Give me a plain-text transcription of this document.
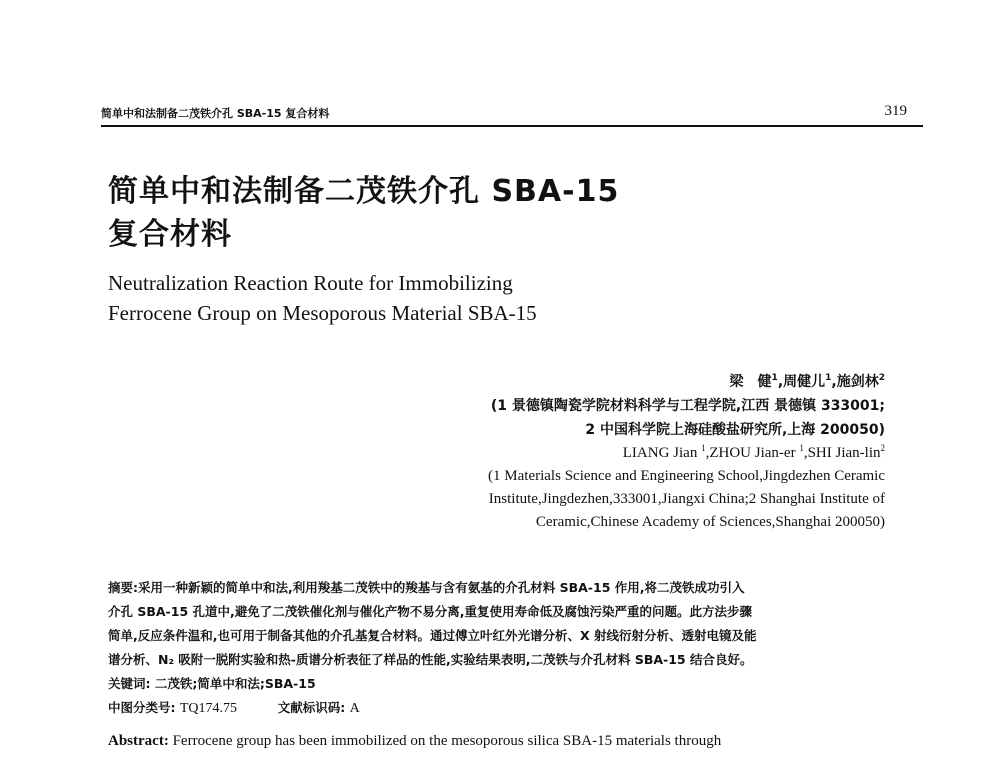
简单中和法制备二茂铁介孔 SBA-15 复合材料	319
简单中和法制备二茂铁介孔 SBA-15
复合材料
Neutralization Reaction Route for Immobilizing
Ferrocene Group on Mesoporous Material SBA-15
梁　健$^1$,周健儿$^1$,施剑林$^2$
(1 景德镇陶瓷学院材料科学与工程学院,江西 景德镇 333001;
2 中国科学院上海硅酸盐研究所,上海 200050)
LIANG Jian $^1$,ZHOU Jian-er $^1$,SHI Jian-lin$^2$
(1 Materials Science and Engineering School,Jingdezhen Ceramic
Institute,Jingdezhen,333001,Jiangxi China;2 Shanghai Institute of
Ceramic,Chinese Academy of Sciences,Shanghai 200050)
摘要:采用一种新颖的简单中和法,利用羧基二茂铁中的羧基与含有氨基的介孔材料 SBA-15 作用,将二茂铁成功引入
介孔 SBA-15 孔道中,避免了二茂铁催化剂与催化产物不易分离,重复使用寿命低及腐蚀污染严重的问题。此方法步骤
简单,反应条件温和,也可用于制备其他的介孔基复合材料。通过傅立叶红外光谱分析、X 射线衍射分析、透射电镜及能
谱分析、N₂ 吸附一脱附实验和热-质谱分析表征了样品的性能,实验结果表明,二茂铁与介孔材料 SBA-15 结合良好。
关键词: 二茂铁;简单中和法;SBA-15
中图分类号: TQ174.75	文献标识码: A
Abstract: Ferrocene group has been immobilized on the mesoporous silica SBA-15 materials through
